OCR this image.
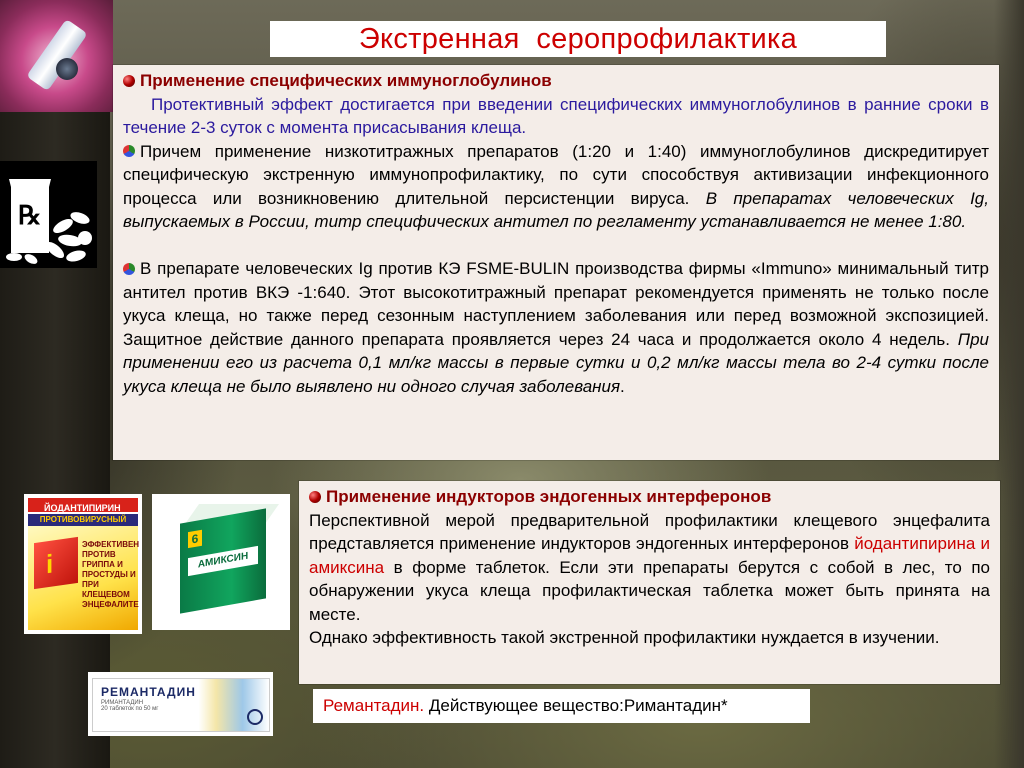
℞
Экстренная  серопрофилактика
Применение специфических иммуноглобулинов
Протективный эффект достигается при введении специфических иммуноглобулинов в ранние сроки в течение 2-3 суток с момента присасывания клеща.
Причем применение низкотитражных препаратов (1:20 и 1:40) иммуноглобулинов дискредитирует специфическую экстренную иммунопрофилактику, по сути способствуя активизации инфекционного процесса или возникновению длительной персистенции вируса. В препаратах человеческих Ig, выпускаемых в России, титр специфических антител по регламенту устанавливается не менее 1:80.
В препарате человеческих Ig против КЭ FSME-BULIN производства фирмы «Immuno» минимальный титр антител против ВКЭ -1:640. Этот высокотитражный препарат рекомендуется применять не только после укуса клеща, но также перед сезонным наступлением заболевания или перед возможной экспозицией. Защитное действие данного препарата проявляется через 24 часа и продолжается около 4 недель. При применении его из расчета 0,1 мл/кг массы в первые сутки и 0,2 мл/кг массы тела во 2-4 сутки после укуса клеща не было выявлено ни одного случая заболевания.
ЙОДАНТИПИРИН
ПРОТИВОВИРУСНЫЙ
i
ЭФФЕКТИВЕН ПРОТИВ ГРИППА И ПРОСТУДЫ И ПРИ КЛЕЩЕВОМ ЭНЦЕФАЛИТЕ
6
АМИКСИН
РЕМАНТАДИН
РИМАНТАДИН
20 таблеток по 50 мг
Применение индукторов эндогенных интерферонов
Перспективной мерой предварительной профилактики клещевого энцефалита представляется применение индукторов эндогенных интерферонов йодантипирина и амиксина в форме таблеток. Если эти препараты берутся с собой в лес, то по обнаружении укуса клеща профилактическая таблетка может быть принята на месте.
Однако эффективность такой экстренной профилактики нуждается в изучении.
Ремантадин. Действующее вещество:Римантадин*
